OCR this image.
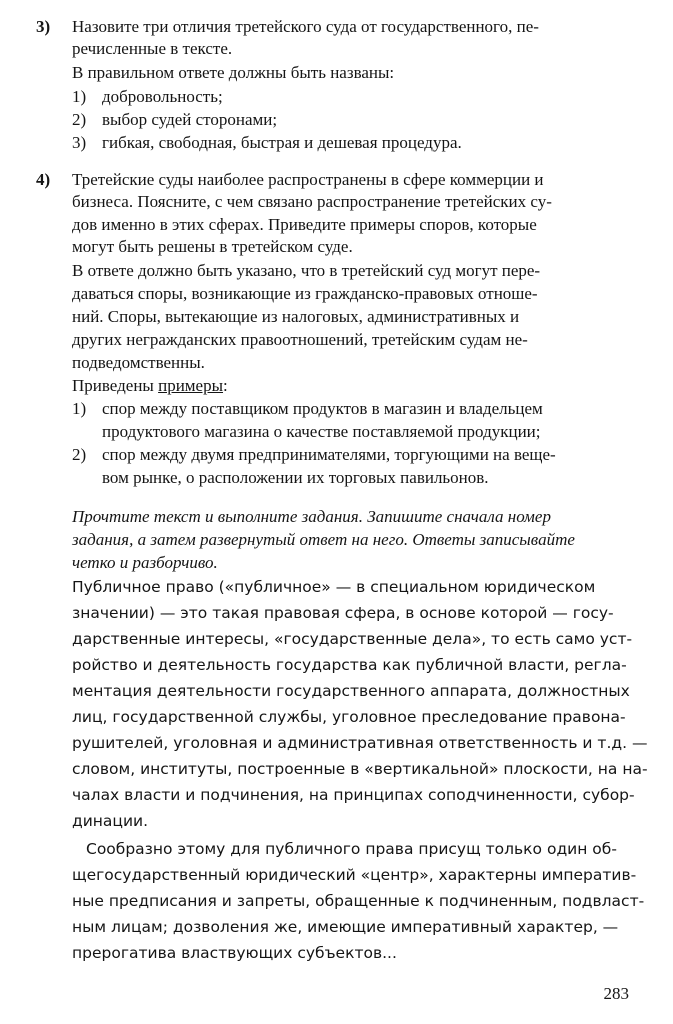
3) Назовите три отличия третейского суда от государственного, пе-
речисленные в тексте.
В правильном ответе должны быть названы:
1) добровольность;
2) выбор судей сторонами;
3) гибкая, свободная, быстрая и дешевая процедура.
4) Третейские суды наиболее распространены в сфере коммерции и
бизнеса. Поясните, с чем связано распространение третейских су-
дов именно в этих сферах. Приведите примеры споров, которые
могут быть решены в третейском суде.
В ответе должно быть указано, что в третейский суд могут пере-
даваться споры, возникающие из гражданско-правовых отноше-
ний. Споры, вытекающие из налоговых, административных и
других негражданских правоотношений, третейским судам не-
подведомственны.
Приведены примеры:
1) спор между поставщиком продуктов в магазин и владельцем
продуктового магазина о качестве поставляемой продукции;
2) спор между двумя предпринимателями, торгующими на веще-
вом рынке, о расположении их торговых павильонов.
Прочтите текст и выполните задания. Запишите сначала номер
задания, а затем развернутый ответ на него. Ответы записывайте
четко и разборчиво.
Публичное право («публичное» — в специальном юридическом
значении) — это такая правовая сфера, в основе которой — госу-
дарственные интересы, «государственные дела», то есть само уст-
ройство и деятельность государства как публичной власти, регла-
ментация деятельности государственного аппарата, должностных
лиц, государственной службы, уголовное преследование правона-
рушителей, уголовная и административная ответственность и т.д. —
словом, институты, построенные в «вертикальной» плоскости, на на-
чалах власти и подчинения, на принципах соподчиненности, субор-
динации.
Сообразно этому для публичного права присущ только один об-
щегосударственный юридический «центр», характерны императив-
ные предписания и запреты, обращенные к подчиненным, подвласт-
ным лицам; дозволения же, имеющие императивный характер, —
прерогатива властвующих субъектов...
283
